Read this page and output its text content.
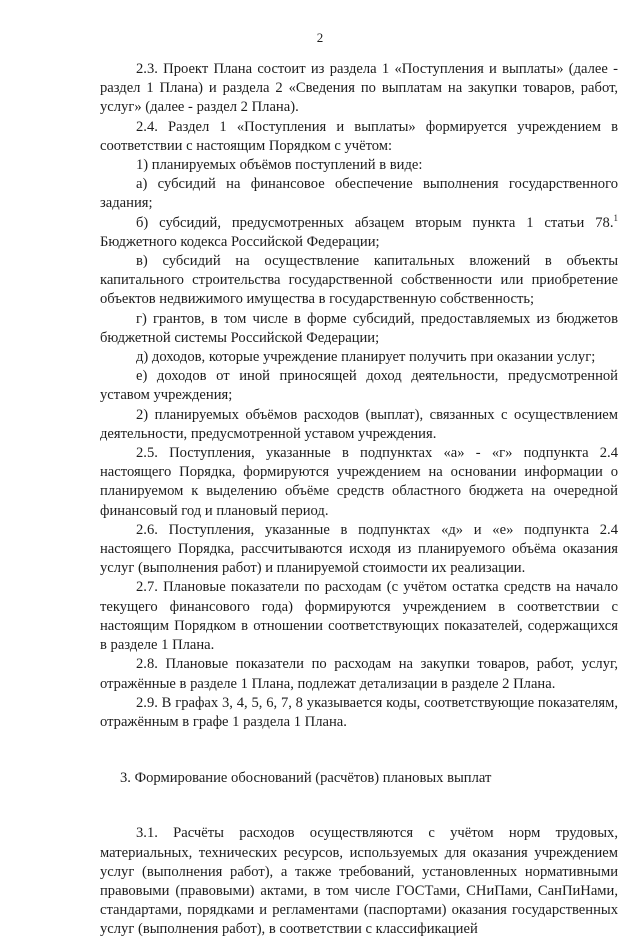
2

2.3. Проект Плана состоит из раздела 1 «Поступления и выплаты» (далее - раздел 1 Плана) и раздела 2 «Сведения по выплатам на закупки товаров, работ, услуг» (далее - раздел 2 Плана).

2.4. Раздел 1 «Поступления и выплаты» формируется учреждением в соответствии с настоящим Порядком с учётом:

1) планируемых объёмов поступлений в виде:

а) субсидий на финансовое обеспечение выполнения государственного задания;

б) субсидий, предусмотренных абзацем вторым пункта 1 статьи 78.$^1$ Бюджетного кодекса Российской Федерации;

в) субсидий на осуществление капитальных вложений в объекты капитального строительства государственной собственности или приобретение объектов недвижимого имущества в государственную собственность;

г) грантов, в том числе в форме субсидий, предоставляемых из бюджетов бюджетной системы Российской Федерации;

д) доходов, которые учреждение планирует получить при оказании услуг;

е) доходов от иной приносящей доход деятельности, предусмотренной уставом учреждения;

2) планируемых объёмов расходов (выплат), связанных с осуществлением деятельности, предусмотренной уставом учреждения.

2.5. Поступления, указанные в подпунктах «а» - «г» подпункта 2.4 настоящего Порядка, формируются учреждением на основании информации о планируемом к выделению объёме средств областного бюджета на очередной финансовый год и плановый период.

2.6. Поступления, указанные в подпунктах «д» и «е» подпункта 2.4 настоящего Порядка, рассчитываются исходя из планируемого объёма оказания услуг (выполнения работ) и планируемой стоимости их реализации.

2.7. Плановые показатели по расходам (с учётом остатка средств на начало текущего финансового года) формируются учреждением в соответствии с настоящим Порядком в отношении соответствующих показателей, содержащихся в разделе 1 Плана.

2.8. Плановые показатели по расходам на закупки товаров, работ, услуг, отражённые в разделе 1 Плана, подлежат детализации в разделе 2 Плана.

2.9. В графах 3, 4, 5, 6, 7, 8 указывается коды, соответствующие показателям, отражённым в графе 1 раздела 1 Плана.

3. Формирование обоснований (расчётов) плановых выплат

3.1. Расчёты расходов осуществляются с учётом норм трудовых, материальных, технических ресурсов, используемых для оказания учреждением услуг (выполнения работ), а также требований, установленных нормативными правовыми (правовыми) актами, в том числе ГОСТами, СНиПами, СанПиНами, стандартами, порядками и регламентами (паспортами) оказания государственных услуг (выполнения работ), в соответствии с классификацией
